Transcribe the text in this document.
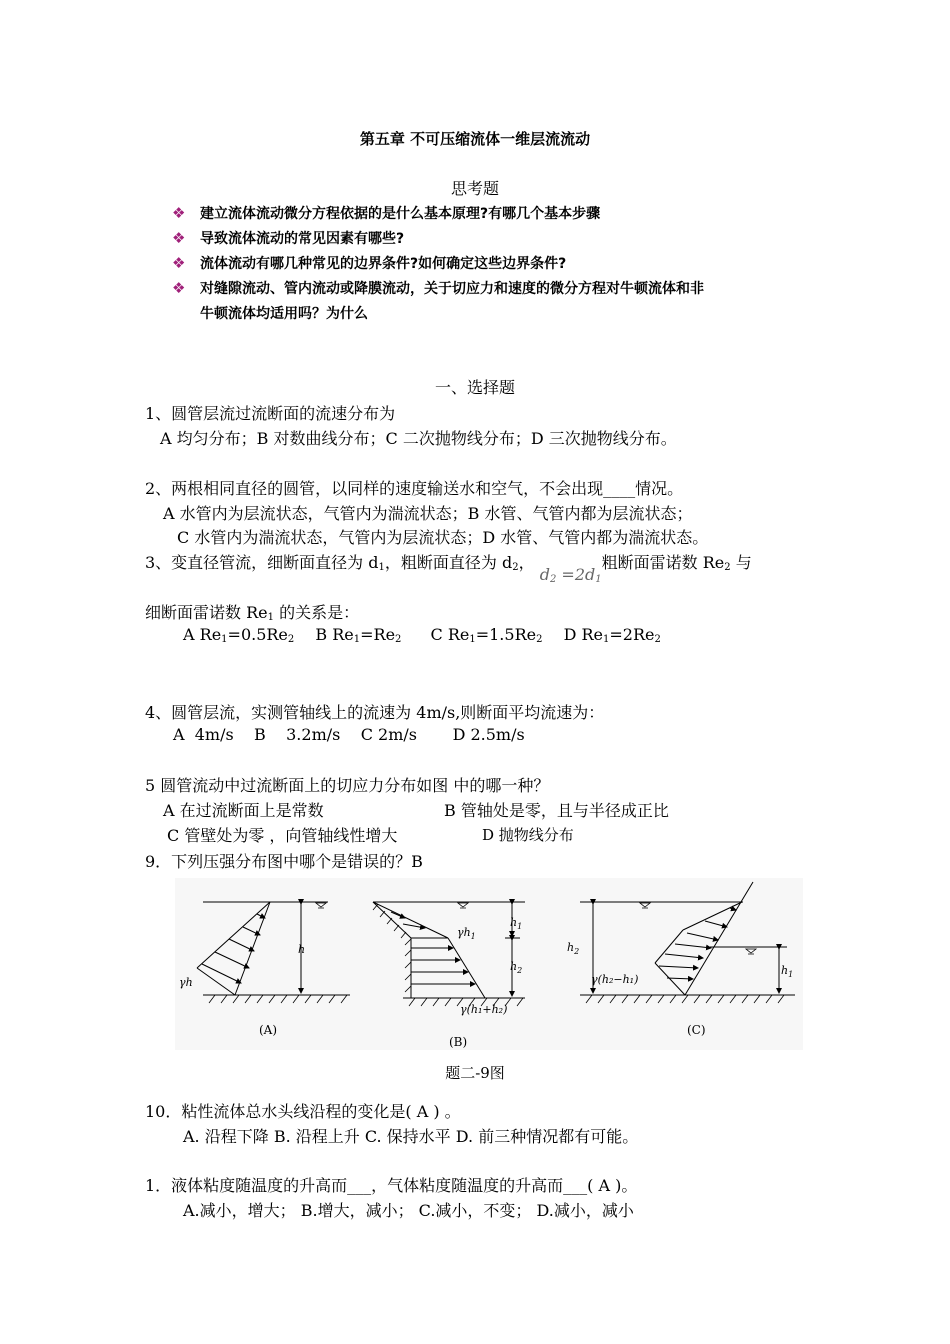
第五章 不可压缩流体一维层流流动
思考题
❖ 建立流体流动微分方程依据的是什么基本原理?有哪几个基本步骤
❖ 导致流体流动的常见因素有哪些?
❖ 流体流动有哪几种常见的边界条件?如何确定这些边界条件?
❖ 对缝隙流动、管内流动或降膜流动，关于切应力和速度的微分方程对牛顿流体和非
牛顿流体均适用吗？为什么
一、选择题
1、圆管层流过流断面的流速分布为
A 均匀分布；B 对数曲线分布；C 二次抛物线分布；D 三次抛物线分布。
2、两根相同直径的圆管，以同样的速度输送水和空气，不会出现____情况。
A 水管内为层流状态，气管内为湍流状态；B 水管、气管内都为层流状态；
C 水管内为湍流状态，气管内为层流状态；D 水管、气管内都为湍流状态。
3、变直径管流，细断面直径为 $d_1$，粗断面直径为 $d_2$， $d_2 =2d_1$粗断面雷诺数 $Re_2$ 与
细断面雷诺数 $Re_1$ 的关系是：
A $Re_1=0.5Re_2$ B $Re_1=Re_2$ C $Re_1=1.5Re_2$ D $Re_1=2Re_2$
4、圆管层流，实测管轴线上的流速为 4m/s,则断面平均流速为：
A  4m/s    B    3.2m/s    C 2m/s       D 2.5m/s
5 圆管流动中过流断面上的切应力分布如图 中的哪一种？
A 在过流断面上是常数	B 管轴处是零，且与半径成正比
C 管壁处为零 ，向管轴线性增大	D 抛物线分布
9．下列压强分布图中哪个是错误的？B
h
γh
(A)
$\gamma h_1$
$h_1$
$h_2$
γ(h₁+h₂)
(B)
$h_2$
$h_1$
γ(h₂−h₁)
(C)
题二-9图
10．粘性流体总水头线沿程的变化是( A ) 。
A. 沿程下降 B. 沿程上升 C. 保持水平 D. 前三种情况都有可能。
1．液体粘度随温度的升高而___，气体粘度随温度的升高而___( A )。
A.减小，增大； B.增大，减小； C.减小，不变； D.减小，减小
